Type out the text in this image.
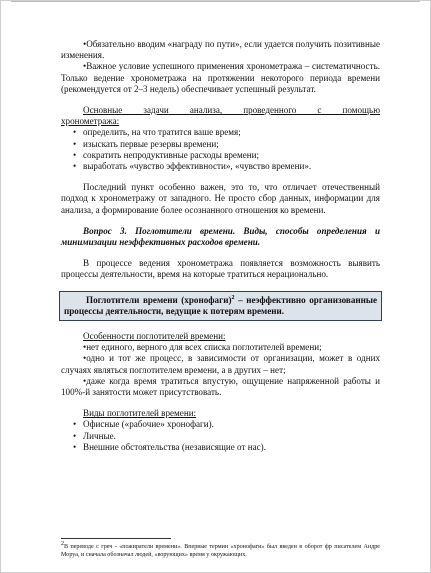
•Обязательно вводим «награду по пути», если удается получить позитивные изменения.

•Важное условие успешного применения хронометража – систематичность. Только ведение хронометража на протяжении некоторого периода времени (рекомендуется от 2–3 недель) обеспечивает успешный результат.

Основные задачи анализа, проведенного с помощью

хронометража:

• определить, на что тратится ваше время;
• изыскать первые резервы времени;
• сократить непродуктивные расходы времени;
• выработать «чувство эффективности», «чувство времени».

Последний пункт особенно важен, это то, что отличает отечественный подход к хронометражу от западного. Не просто сбор данных, информации для анализа, а формирование более осознанного отношения ко времени.

Вопрос 3. Поглотители времени. Виды, способы определения и минимизации неэффективных расходов времени.

В процессе ведения хронометража появляется возможность выявить процессы деятельности, время на которые тратиться нерационально.

Поглотители времени (хронофаги)$^2$ – неэффективно организованные процессы деятельности, ведущие к потерям времени.

Особенности поглотителей времени:

•нет единого, верного для всех списка поглотителей времени;

•одно и тот же процесс, в зависимости от организации, может в одних случаях являться поглотителем времени, а в других – нет;

•даже когда время тратиться впустую, ощущение напряженной работы и 100%-й занятости может присутствовать.

Виды поглотителей времени:

• Офисные («рабочие» хронофаги).
• Личные.
• Внешние обстоятельства (независящие от нас).

$^2$В переводе с греч - «пожиратели времени». Впервые термин «хронофаги» был введен в оборот фр писателем Андре Моруа, и сначала обозначал людей, «ворующих» время у окружающих.
